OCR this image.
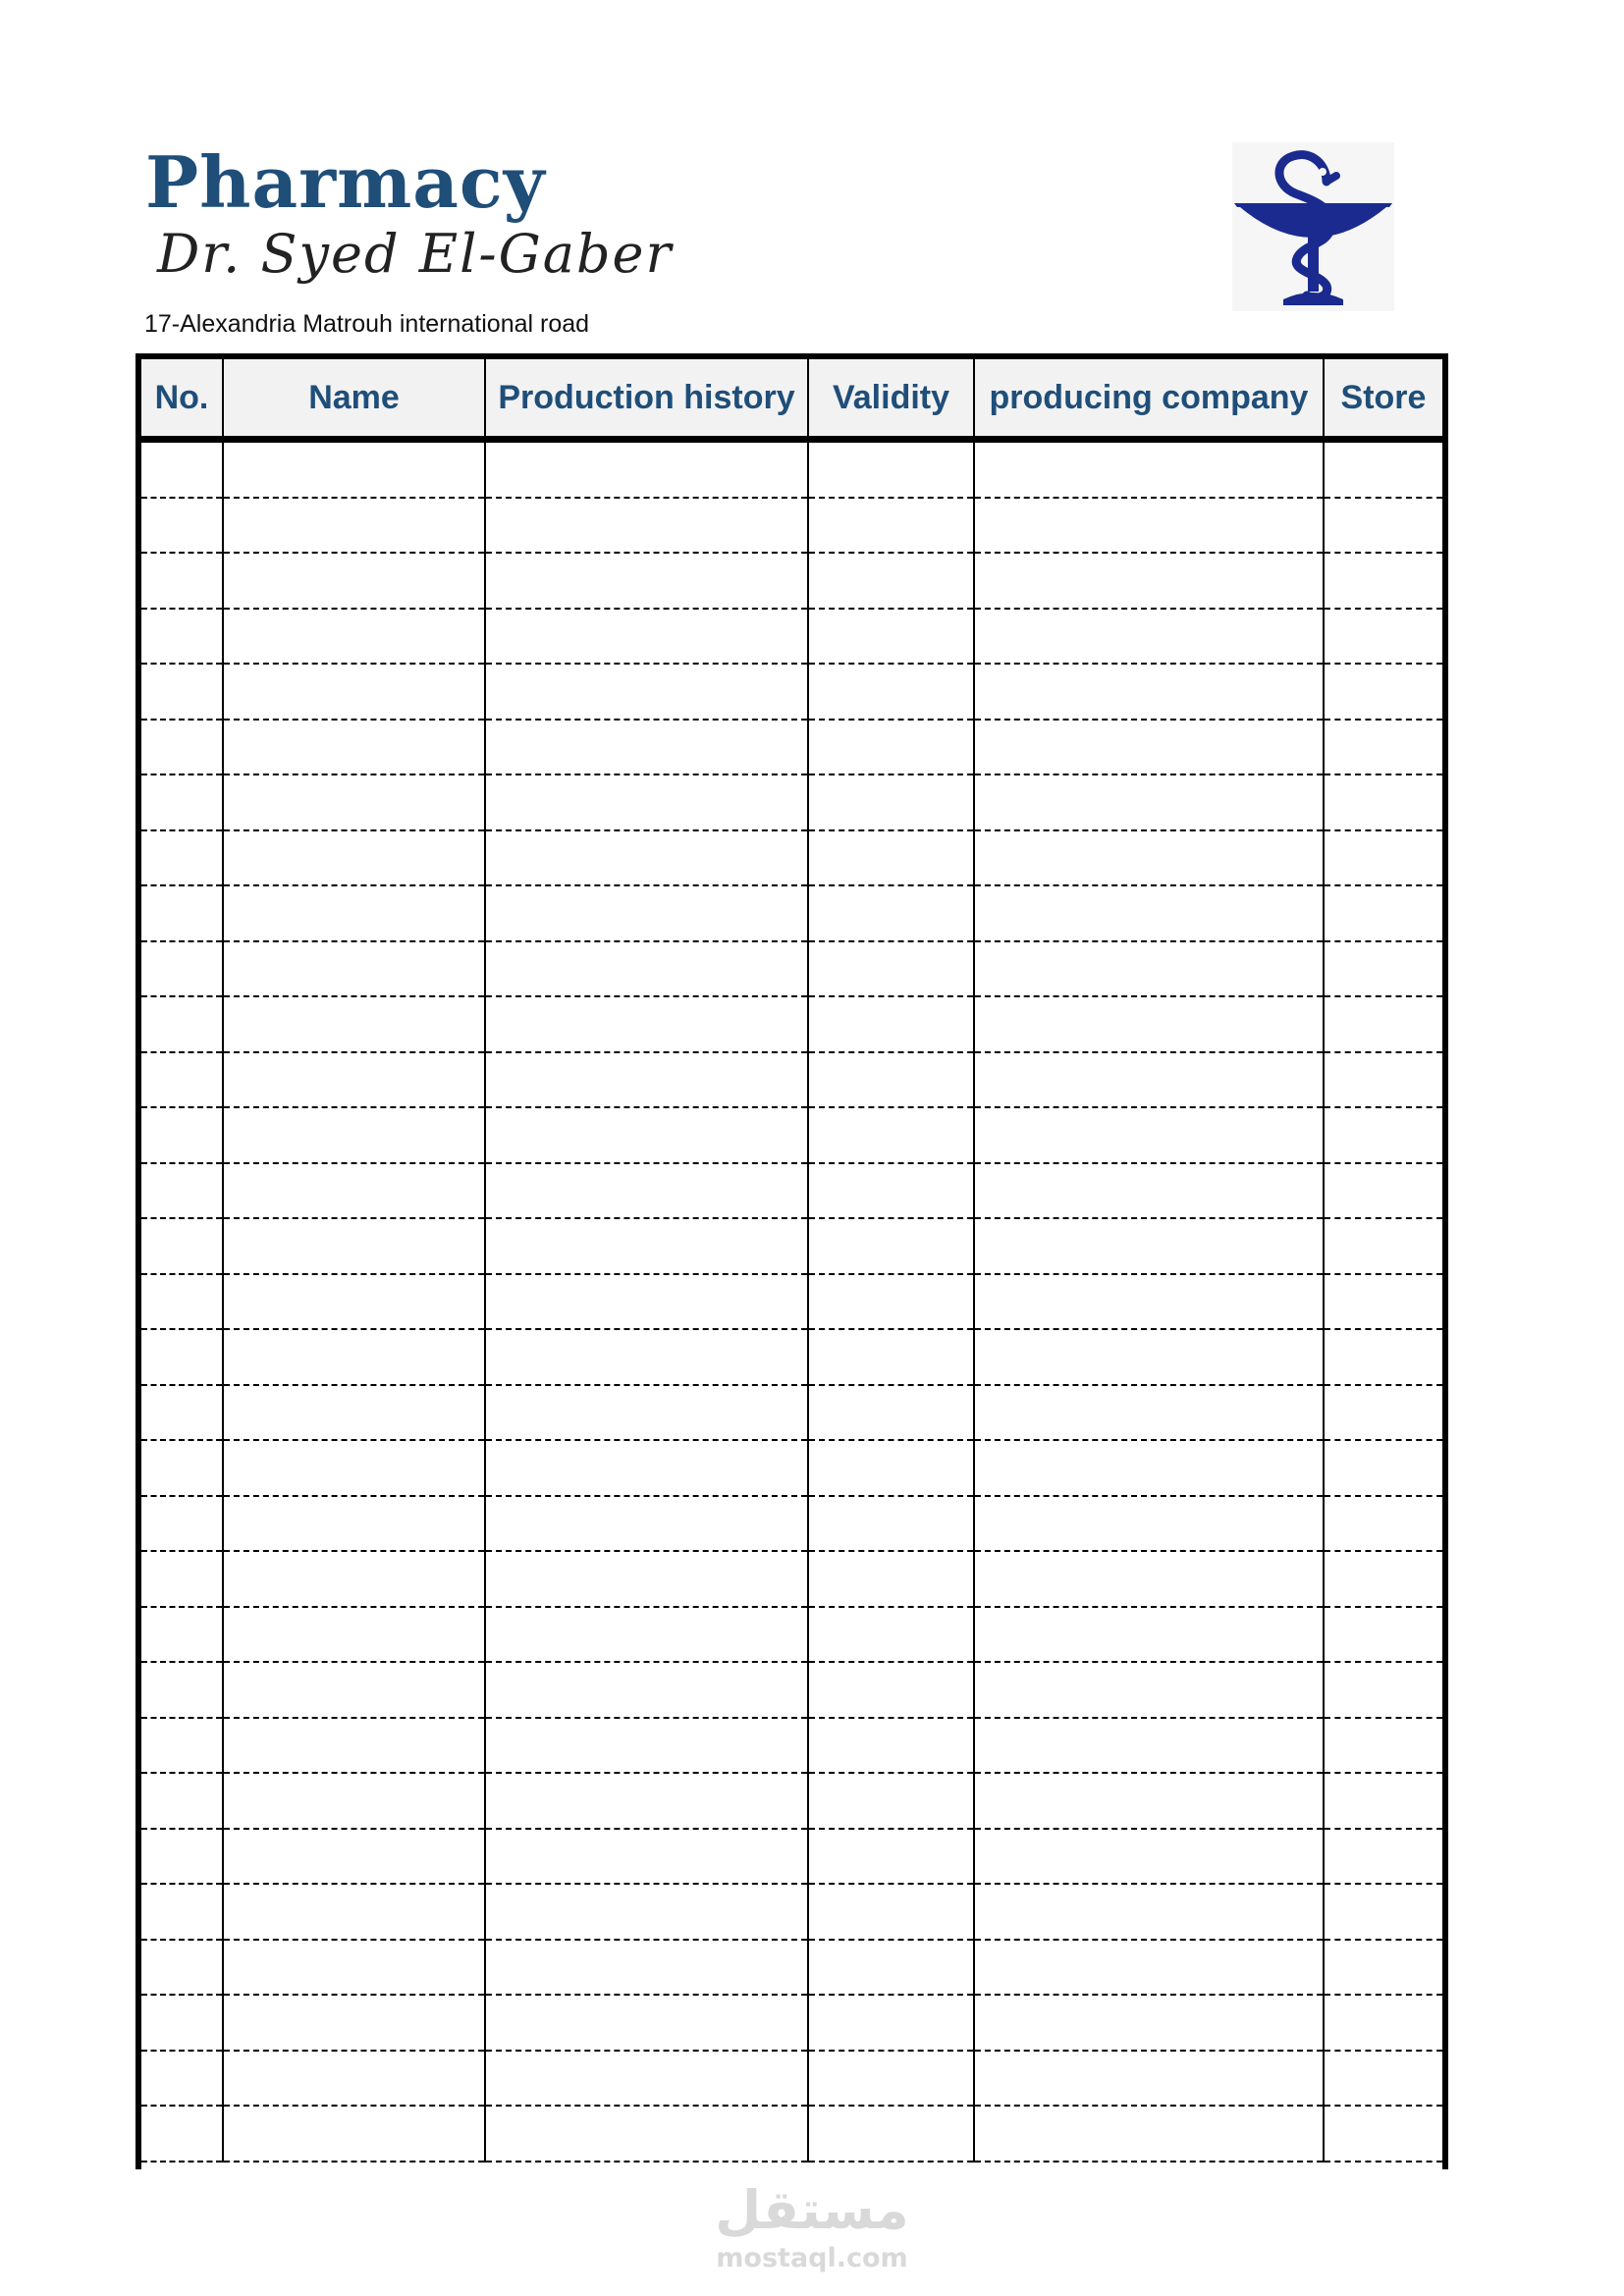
Pharmacy
Dr. Syed El-Gaber
17-Alexandria Matrouh international road
No.	Name	Production history	Validity	producing company	Store

مستقل
mostaql.com
